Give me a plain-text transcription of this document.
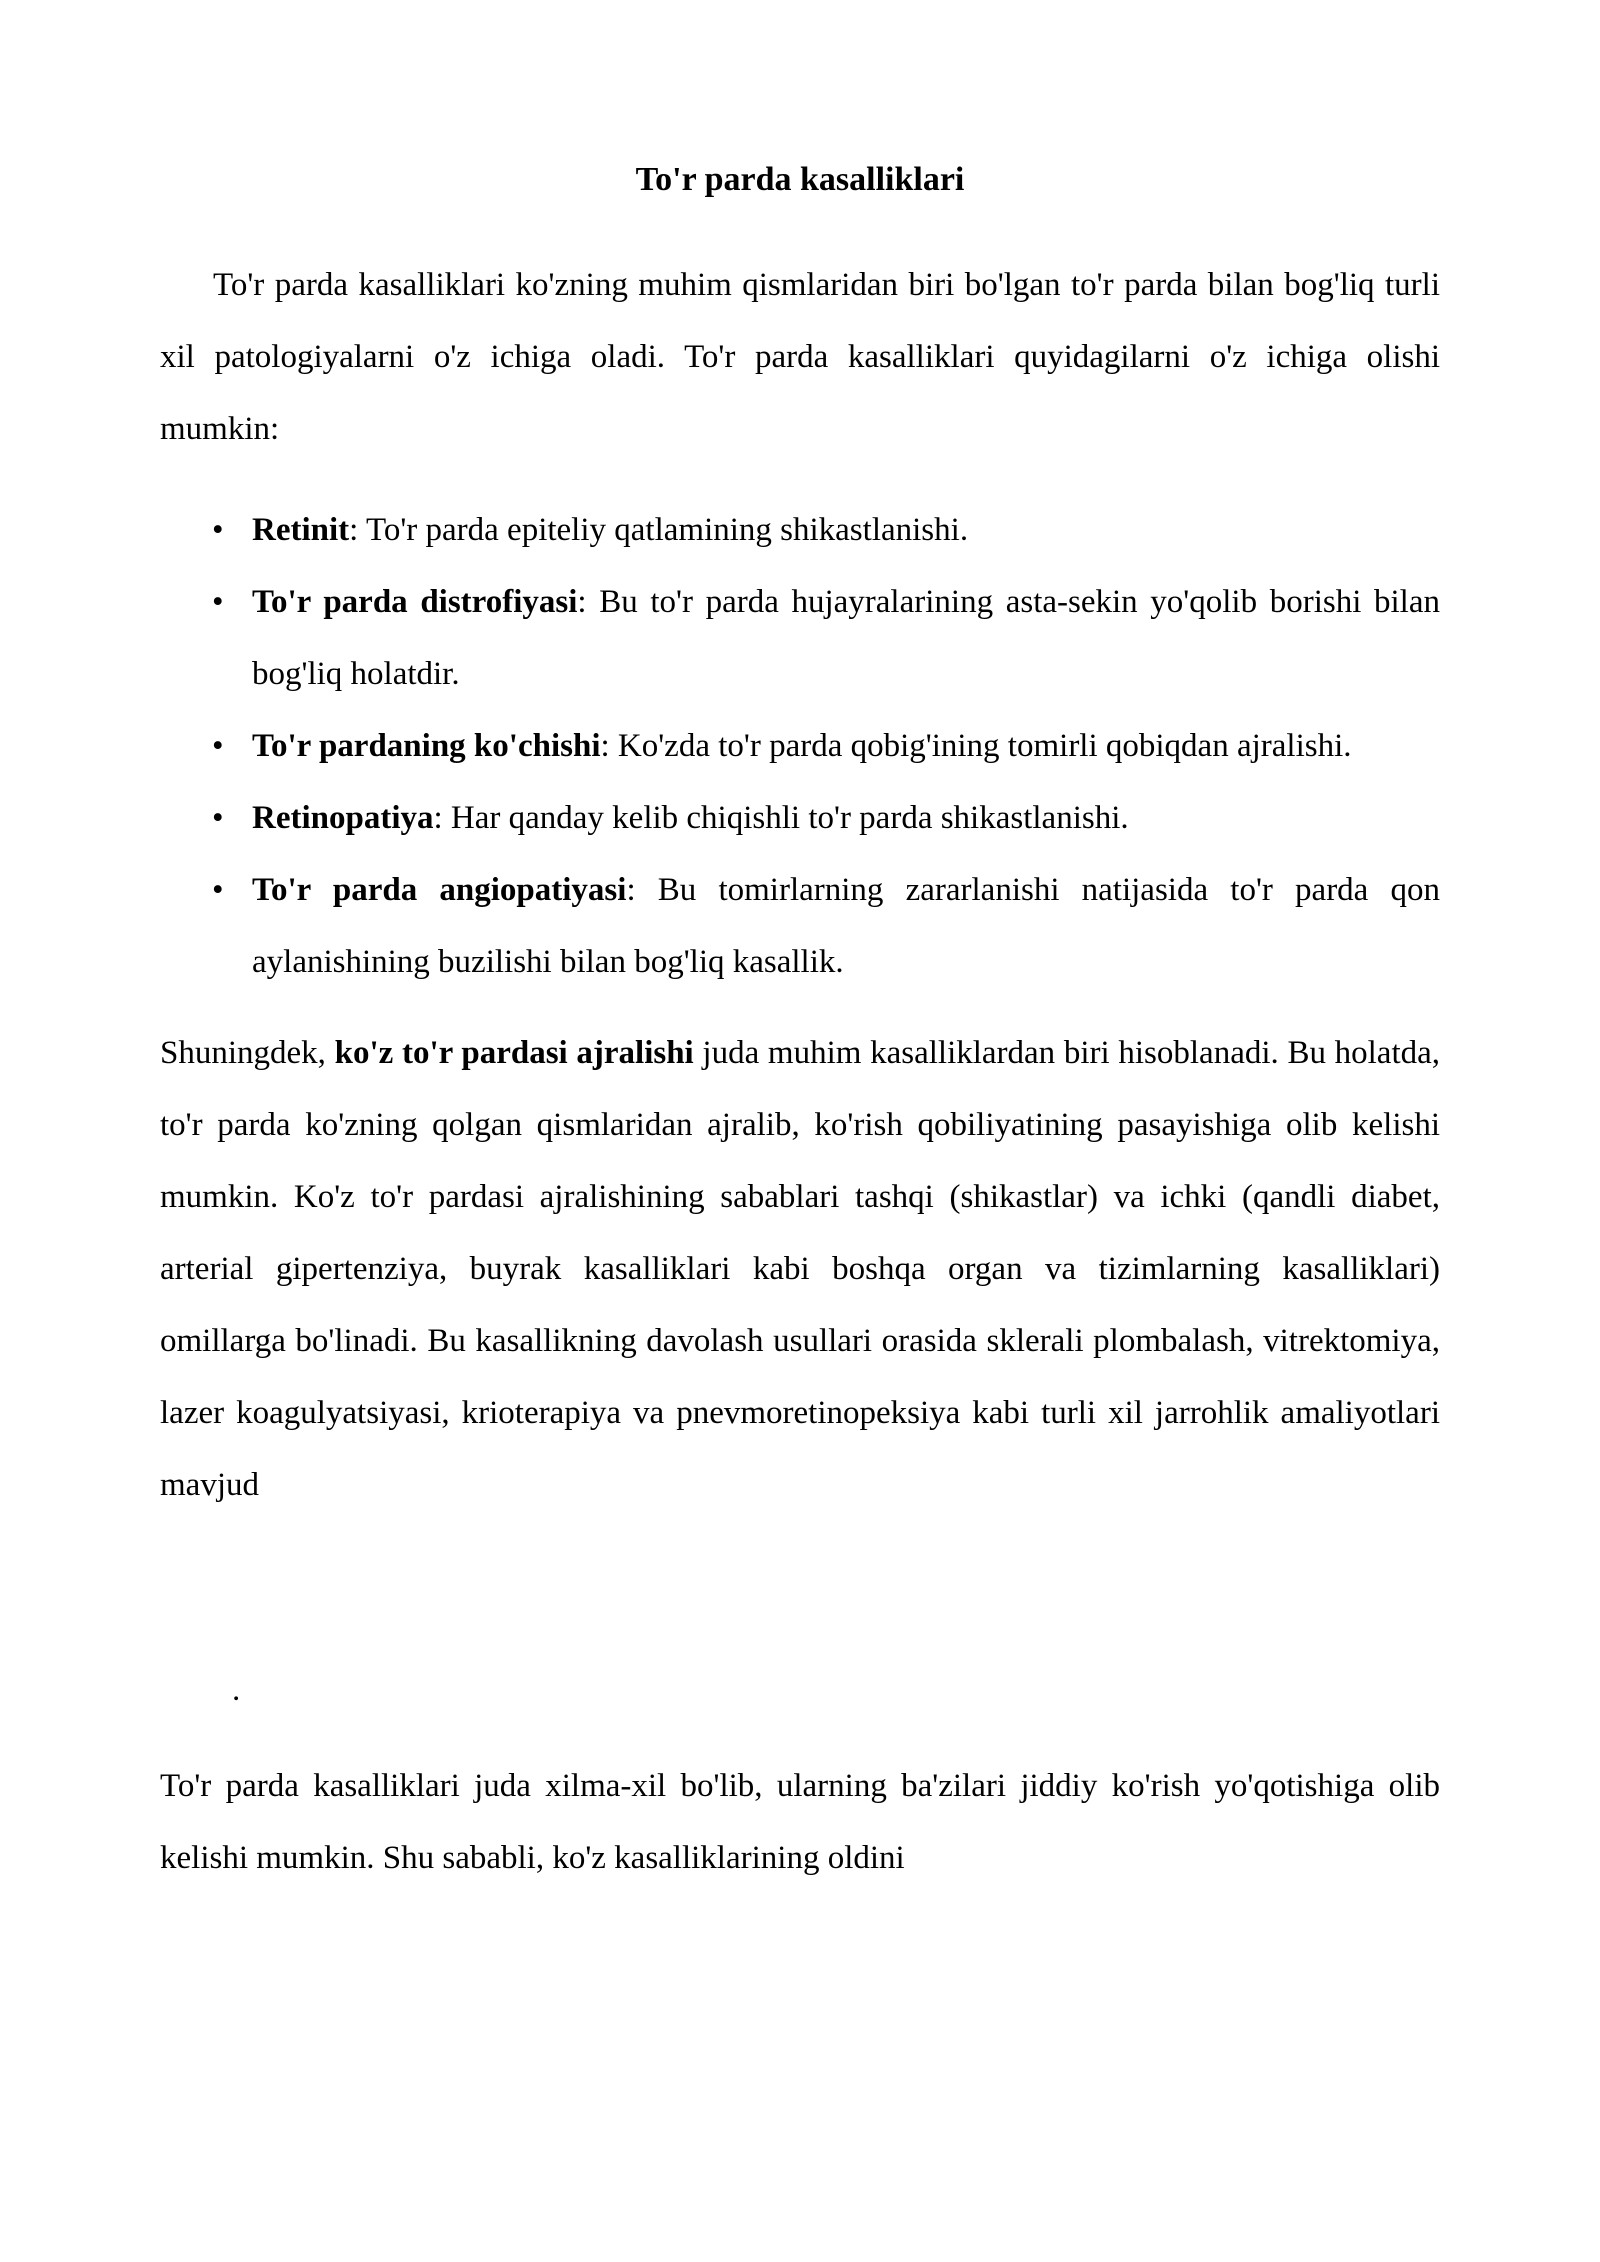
To'r parda kasalliklari

To'r parda kasalliklari ko'zning muhim qismlaridan biri bo'lgan to'r parda bilan bog'liq turli xil patologiyalarni o'z ichiga oladi. To'r parda kasalliklari quyidagilarni o'z ichiga olishi mumkin:

• Retinit: To'r parda epiteliy qatlamining shikastlanishi.
• To'r parda distrofiyasi: Bu to'r parda hujayralarining asta-sekin yo'qolib borishi bilan bog'liq holatdir.
• To'r pardaning ko'chishi: Ko'zda to'r parda qobig'ining tomirli qobiqdan ajralishi.
• Retinopatiya: Har qanday kelib chiqishli to'r parda shikastlanishi.
• To'r parda angiopatiyasi: Bu tomirlarning zararlanishi natijasida to'r parda qon aylanishining buzilishi bilan bog'liq kasallik.

Shuningdek, ko'z to'r pardasi ajralishi juda muhim kasalliklardan biri hisoblanadi. Bu holatda, to'r parda ko'zning qolgan qismlaridan ajralib, ko'rish qobiliyatining pasayishiga olib kelishi mumkin. Ko'z to'r pardasi ajralishining sabablari tashqi (shikastlar) va ichki (qandli diabet, arterial gipertenziya, buyrak kasalliklari kabi boshqa organ va tizimlarning kasalliklari) omillarga bo'linadi. Bu kasallikning davolash usullari orasida sklerali plombalash, vitrektomiya, lazer koagulyatsiyasi, krioterapiya va pnevmoretinopeksiya kabi turli xil jarrohlik amaliyotlari mavjud

.

To'r parda kasalliklari juda xilma-xil bo'lib, ularning ba'zilari jiddiy ko'rish yo'qotishiga olib kelishi mumkin. Shu sababli, ko'z kasalliklarining oldini
